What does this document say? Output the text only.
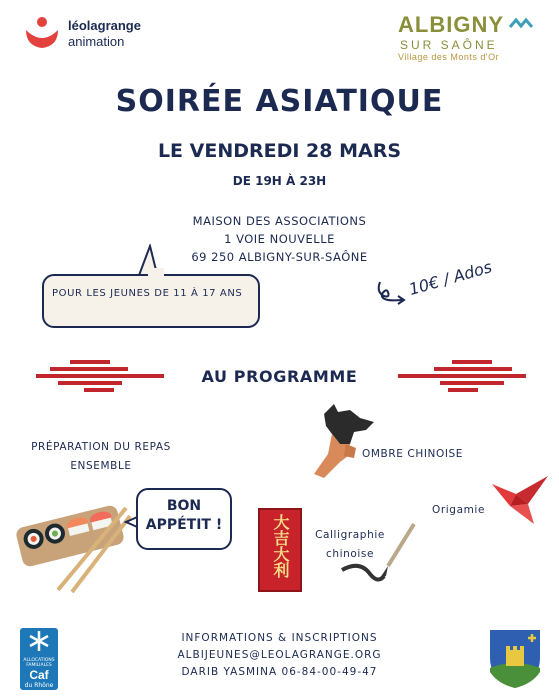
léolagrange
animation
ALBIGNY
SUR SAÔNE
Village des Monts d'Or
SOIRÉE ASIATIQUE
LE VENDREDI 28 MARS
DE 19H À 23H
MAISON DES ASSOCIATIONS
1 VOIE NOUVELLE
69 250 ALBIGNY-SUR-SAÔNE
POUR LES JEUNES DE 11 À 17 ANS	10€ / Ados
AU PROGRAMME
PRÉPARATION DU REPAS ENSEMBLE
BON APPÉTIT !
OMBRE CHINOISE
大吉大利	Calligraphie chinoise
Origamie
ALLOCATIONS FAMILIALES
Caf
du Rhône
INFORMATIONS & INSCRIPTIONS
ALBIJEUNES@LEOLAGRANGE.ORG
DARIB YASMINA 06-84-00-49-47
